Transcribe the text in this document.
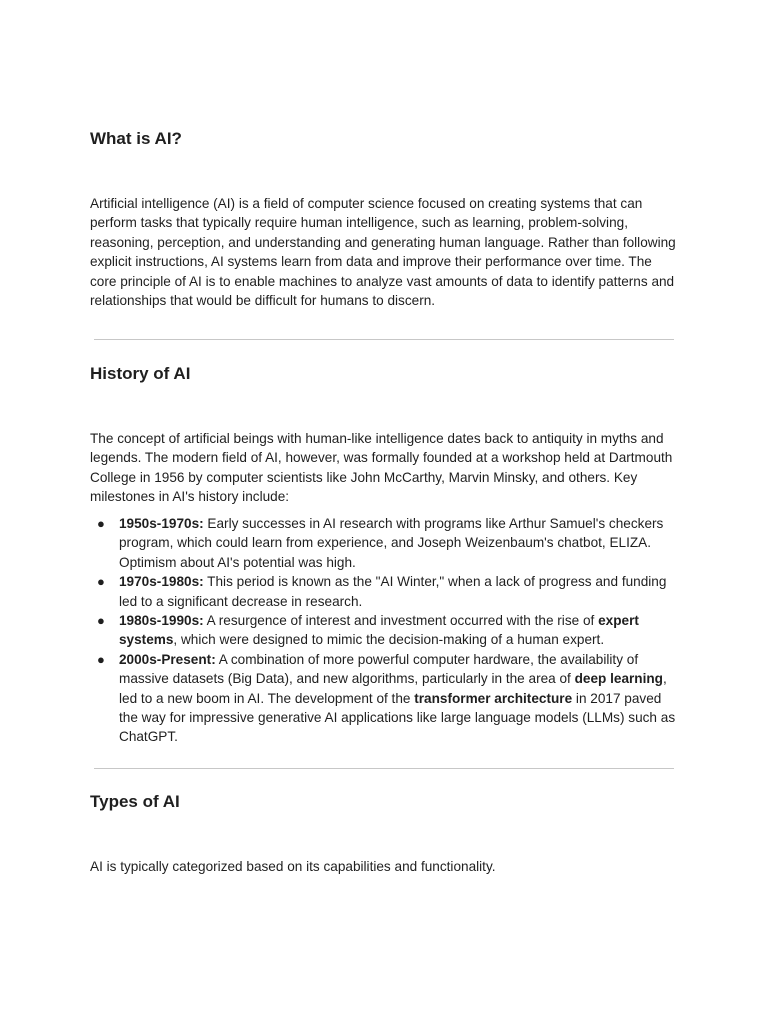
What is AI?

Artificial intelligence (AI) is a field of computer science focused on creating systems that can perform tasks that typically require human intelligence, such as learning, problem-solving, reasoning, perception, and understanding and generating human language. Rather than following explicit instructions, AI systems learn from data and improve their performance over time. The core principle of AI is to enable machines to analyze vast amounts of data to identify patterns and relationships that would be difficult for humans to discern.

History of AI

The concept of artificial beings with human-like intelligence dates back to antiquity in myths and legends. The modern field of AI, however, was formally founded at a workshop held at Dartmouth College in 1956 by computer scientists like John McCarthy, Marvin Minsky, and others. Key milestones in AI's history include:

● 1950s-1970s: Early successes in AI research with programs like Arthur Samuel's checkers program, which could learn from experience, and Joseph Weizenbaum's chatbot, ELIZA. Optimism about AI's potential was high.
● 1970s-1980s: This period is known as the "AI Winter," when a lack of progress and funding led to a significant decrease in research.
● 1980s-1990s: A resurgence of interest and investment occurred with the rise of expert systems, which were designed to mimic the decision-making of a human expert.
● 2000s-Present: A combination of more powerful computer hardware, the availability of massive datasets (Big Data), and new algorithms, particularly in the area of deep learning, led to a new boom in AI. The development of the transformer architecture in 2017 paved the way for impressive generative AI applications like large language models (LLMs) such as ChatGPT.
Types of AI

AI is typically categorized based on its capabilities and functionality.
